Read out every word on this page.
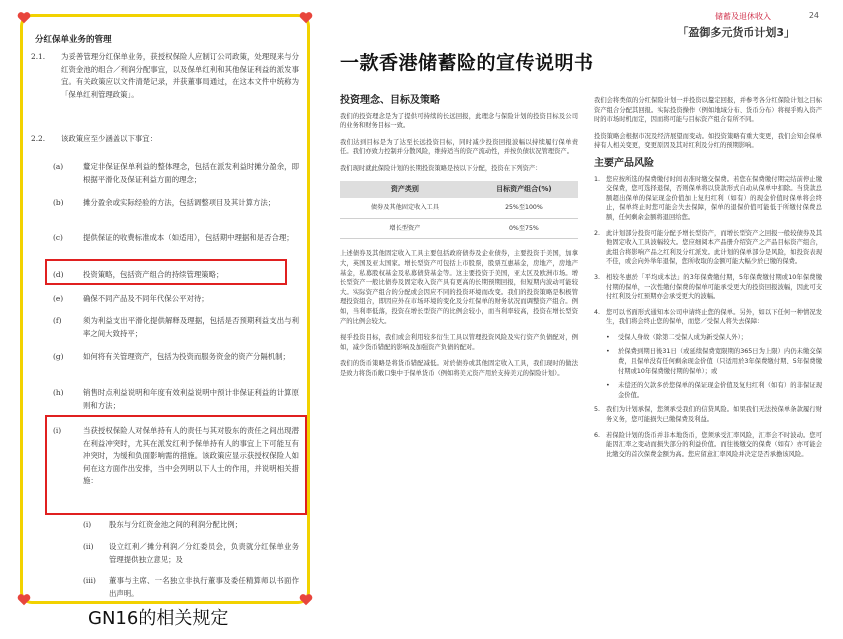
分红保单业务的管理
2.1.	为妥善管理分红保单业务，获授权保险人应制订公司政策，处理现来与分红资金池的组合／利润分配事宜，以及保单红利和其他保证利益的派发事宜。有关政策应以文件清楚记录，并获董事局通过，在这本文件中统称为「保单红利管理政策」。
2.2.	该政策应至少涵盖以下事宜：
(a)	釐定非保证保单利益的整体理念，包括在派发利益时摊分盈余，即根据平滑化及保证利益方面的理念；
(b)	摊分盈余或实际经验的方法，包括调整项目及其计算方法；
(c)	提供保证的收费标准成本（如适用），包括期中理据和是否合理；
(d)	投资策略，包括资产组合的持续管理策略；
(e)	确保不同产品及不同年代保公平对待；
(f)	须为利益支出平滑化提供解释及理据，包括是否预期利益支出与利率之间大致持平；
(g)	如何将有关管理资产，包括为投资而服务资金的资产分隔机制；
(h)	销售时点利益说明和年度有效利益说明中预计非保证利益的计算原则和方法；
(i)	当获授权保险人对保单持有人的责任与其对股东的责任之间出现潜在利益冲突时，尤其在派发红利予保单持有人的事宜上下可能互有冲突时，为缓和负面影响需的措施。该政策应显示获授权保险人如何在这方面作出安排，当中会列明以下人士的作用，并说明相关措施：
(i)	股东与分红资金池之间的利润分配比例；
(ii)	设立红利／摊分利润／分红委员会，负责就分红保单业务管理提供独立意见；及
(iii)	董事与主席、一名独立非执行董事及委任精算师以书面作出声明。
GN16的相关规定
储蓄及退休收入	24
「盈御多元货币计划3」
一款香港储蓄险的宣传说明书
投资理念、目标及策略

我们的投资理念是为了提供可持续的长远回报，此理念与保险计划的投资目标及公司的业务和财务目标一致。

我们达到目标是为了达至长远投资目标，同时减少投资回报波幅以持续履行保单责任。我们亦致力控制并分散风险，维持适当的资产流动性，并按负债状况管理资产。

我们现时就此保险计划的长期投资策略是按以下分配，投资在下列资产：

资产类别	目标资产组合(%)
债券及其他固定收入工具	25%至100%
增长型资产	0%至75%

上述债券及其他固定收入工具主要包括政府债券及企业债券，主要投资于美国，加拿大，英国及亚太国家。增长型资产可包括上市股票，股票互惠基金，房地产，房地产基金，私募股权基金及私募债贷基金等。这主要投资于美国，亚太区及欧洲市场。增长型资产一般比债券及固定收入资产具有更高的长期预期回报，但短期内波动可能较大。实际资产组合的分配或会因应不同的投资环境而改变。我们的投资策略是积极管理投资组合，即因应外在市场环境的变化及分红保单的财务状况而调整资产组合。例如，当利率低落，投资在增长型资产的比例会较小，而当利率较高，投资在增长型资产的比例会较大。

视乎投资目标，我们或会利用较多衍生工具以管理投资风险及实行资产负债配对，例如，减少货币错配的影响及加强资产负债的配对。

我们的货币策略是将货币错配减低。对於债券或其他固定收入工具，我们现时的做法是致力将货币敞口集中于保单货币（例如将美元资产用於支持美元的保险计划）。

我们会将类似的分红保险计划一并投资以釐定回报，并参考各分红保险计划之目标资产组合分配其回报。实际投资操作（例如地域分布、货币分布）将视乎购入资产时的市场时机而定，因而将可能与目标资产组合有所不同。

投资策略会根据市况及经济展望而变动。如投资策略有重大变更，我们会知会保单持有人相关变更，变更原因及其对红利及分红的预期影响。

主要产品风险
1. 您应按所选的保费缴付时间表准时缴交保费。若您在保费缴付期完结前停止缴交保费，您可选择退保，否则保单将以贷款形式自动从保单中扣除。当贷款总额超出保单的保证现金价值加上复归红利（如有）的现金价值时保单将会终止，保单终止时您可能会失去保障，保单的退保价值可能低于所缴付保费总额，任何剩余金额将退回给您。
2. 此计划部分投资可能分配予增长型资产，而增长型资产之回报一般较债券及其他固定收入工具波幅较大。您应细阅本产品册介绍资产之产品目标资产组合，此组合将影响产品之红利及分红派发。此计划的保单部分是风险，如投资表现不佳，或会向外举年退保，您所收取的金额可能大幅少於已缴的保费。
3. 相较冬惠於「平均成本法」的3年保费缴付期，5年保费缴付期或10年保费缴付期的保单，一次性缴付保费的保单可能承受更大的投资回报波幅，因此可支付红利及分红预期亦会承受更大的波幅。
4. 您可以书面形式通知本公司申请终止您的保单。另外，如以下任何一种情况发生，我们将会终止您的保单，而您／受保人将失去保障：
•	受保人身故（除第二受保人成为新受保人外）；
•	於保费到期日後31日（或延续保费宽限期的365日为上限）内仍未缴交保费，且保单没有任何剩余现金价值（只适用於3年保费缴付期、5年保费缴付期或10年保费缴付期的保单）；或
•	未偿还的欠款多於您保单的保证现金价值及复归红利（如有）的非保证现金价值。
5. 我们为计划承保，您须承受我们的信贷风险。如果我们无法按保单条款履行财务义务，您可能损失已缴保费及利益。
6. 若保险计划的货币并非本地货币，您须承受汇率风险，汇率会不时波动。您可能因汇率之变动而损失部分的利益价值。而往後缴交的保费（如有）亦可能会比缴交的首次保费金额为高。您应留意汇率风险并决定是否承擔该风险。
